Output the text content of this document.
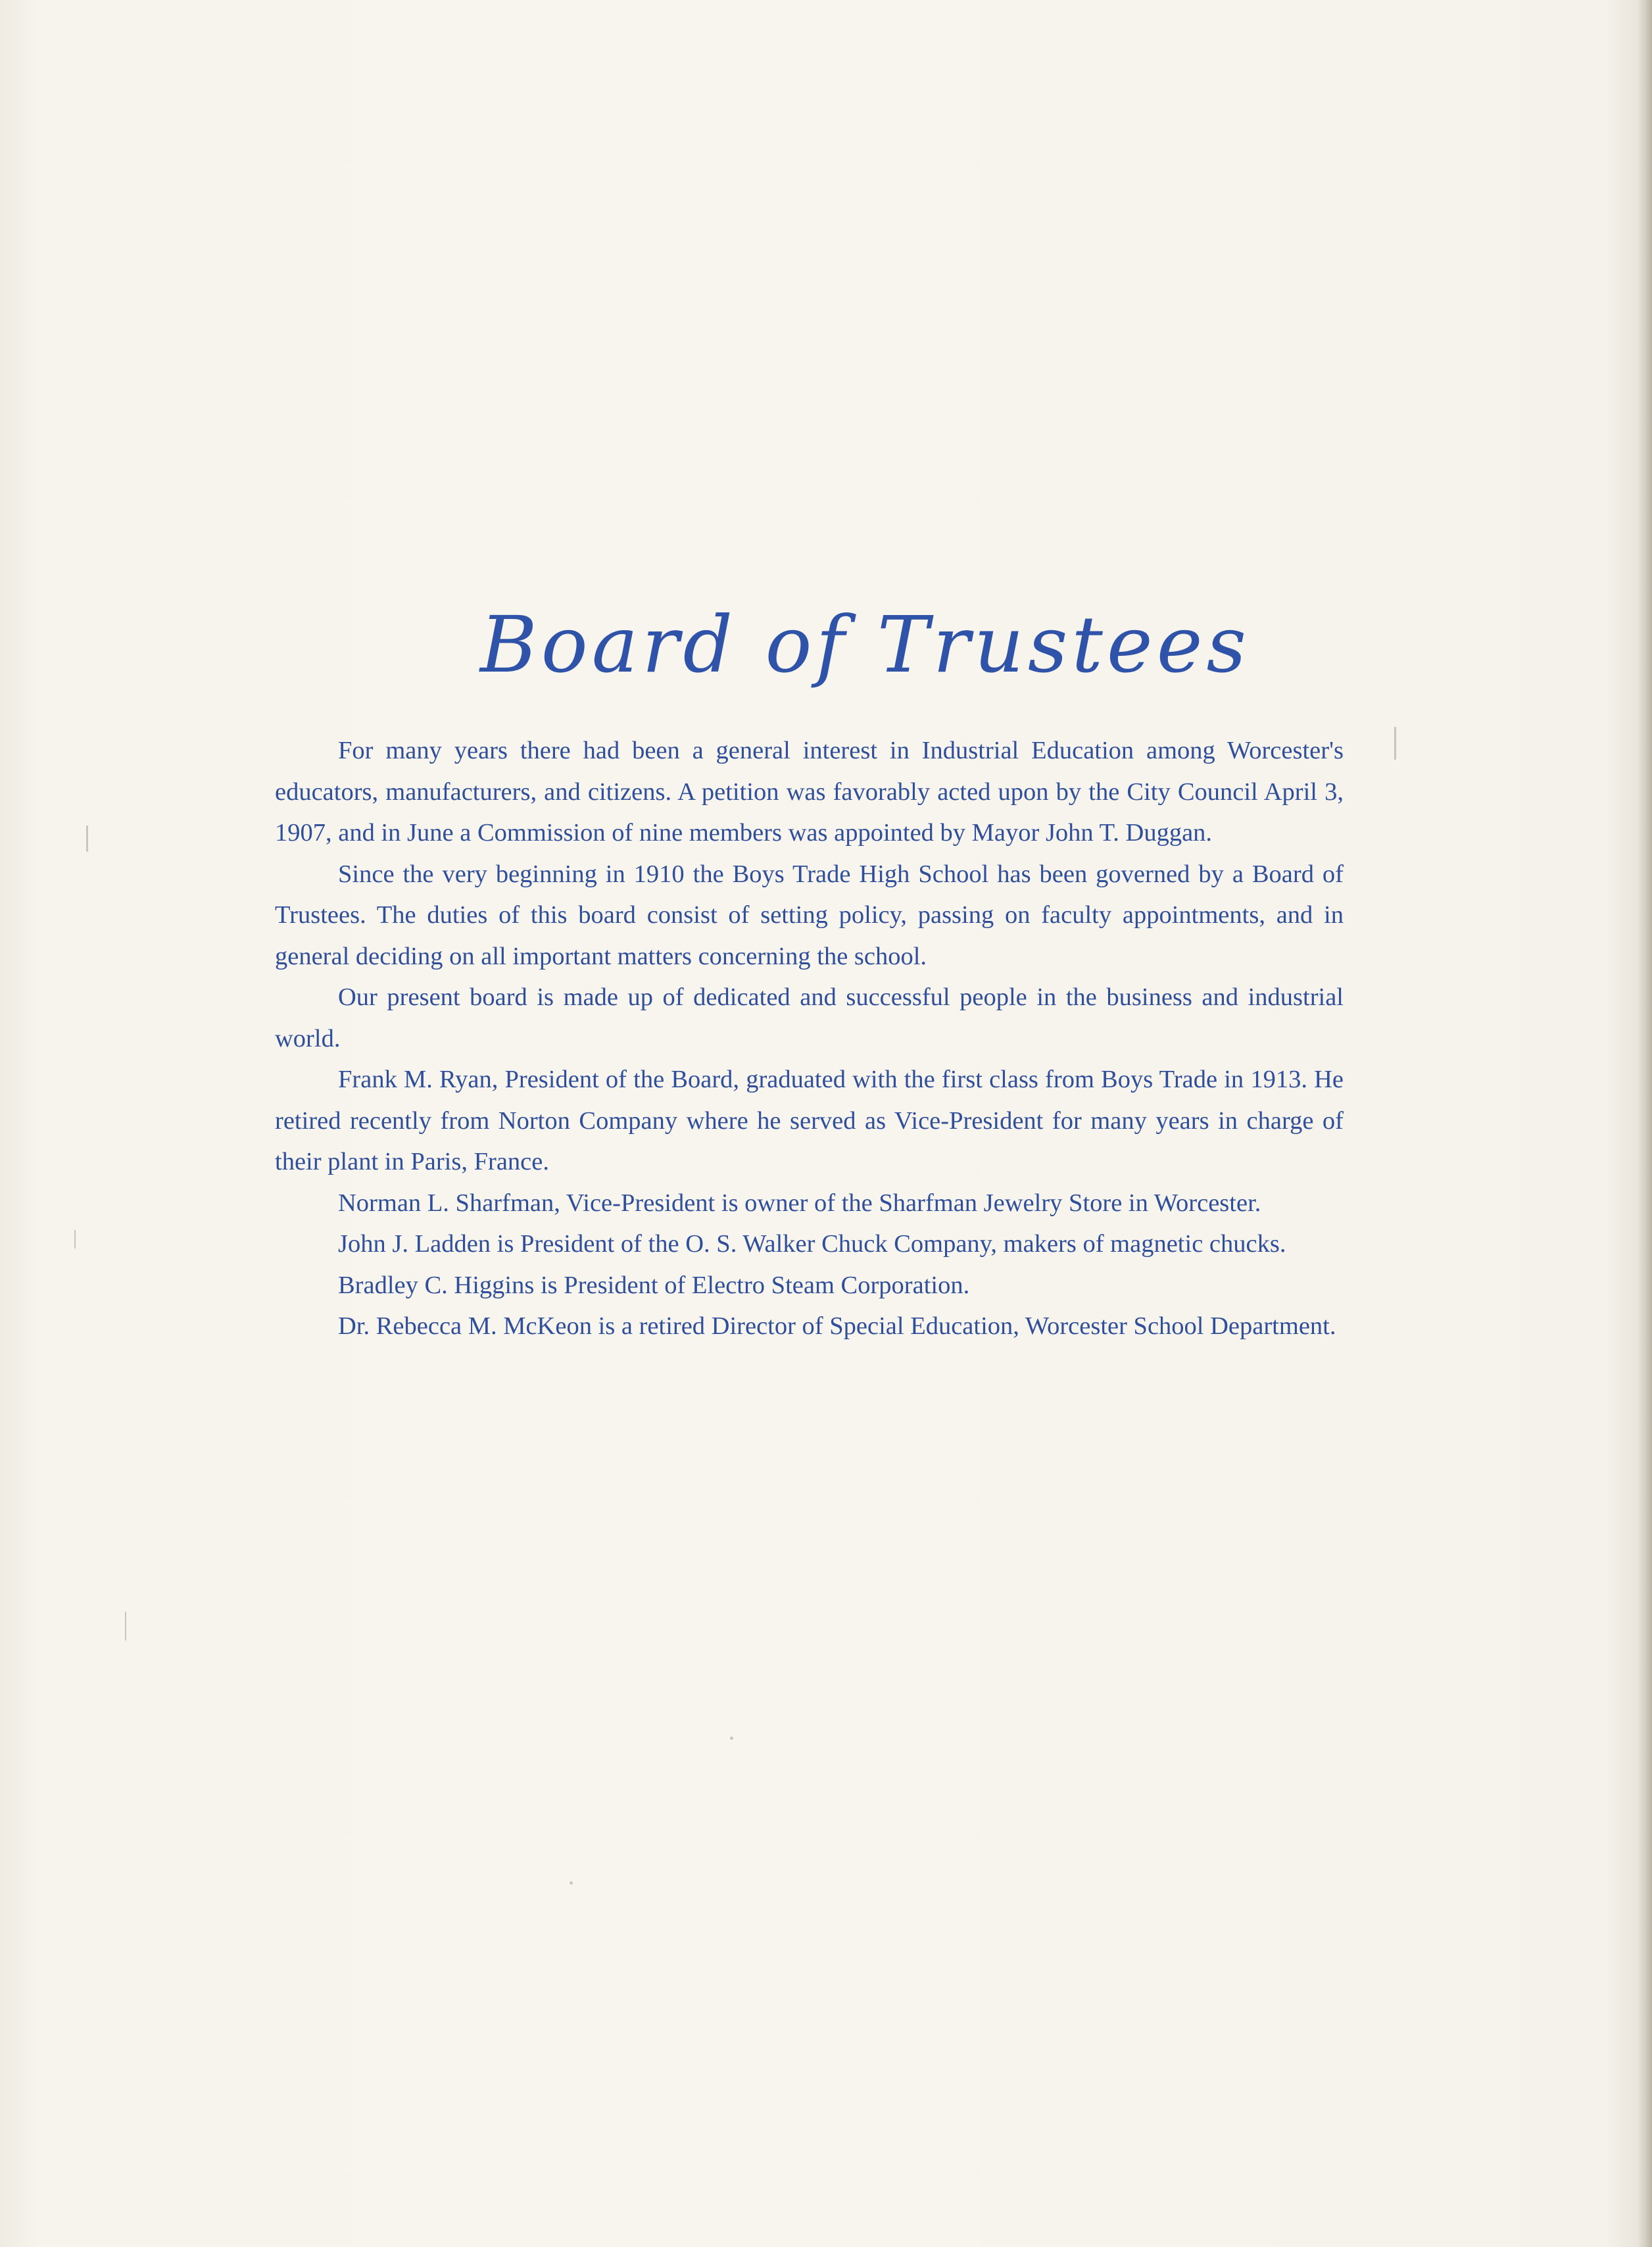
Board of Trustees

For many years there had been a general interest in Industrial Education among Worcester's educators, manufacturers, and citizens. A petition was favorably acted upon by the City Council April 3, 1907, and in June a Commission of nine members was appointed by Mayor John T. Duggan.

Since the very beginning in 1910 the Boys Trade High School has been governed by a Board of Trustees. The duties of this board consist of setting policy, passing on faculty appointments, and in general deciding on all important matters concerning the school.

Our present board is made up of dedicated and successful people in the business and industrial world.

Frank M. Ryan, President of the Board, graduated with the first class from Boys Trade in 1913. He retired recently from Norton Company where he served as Vice-President for many years in charge of their plant in Paris, France.

Norman L. Sharfman, Vice-President is owner of the Sharfman Jewelry Store in Worcester.

John J. Ladden is President of the O. S. Walker Chuck Company, makers of magnetic chucks.

Bradley C. Higgins is President of Electro Steam Corporation.

Dr. Rebecca M. McKeon is a retired Director of Special Education, Worcester School Department.
